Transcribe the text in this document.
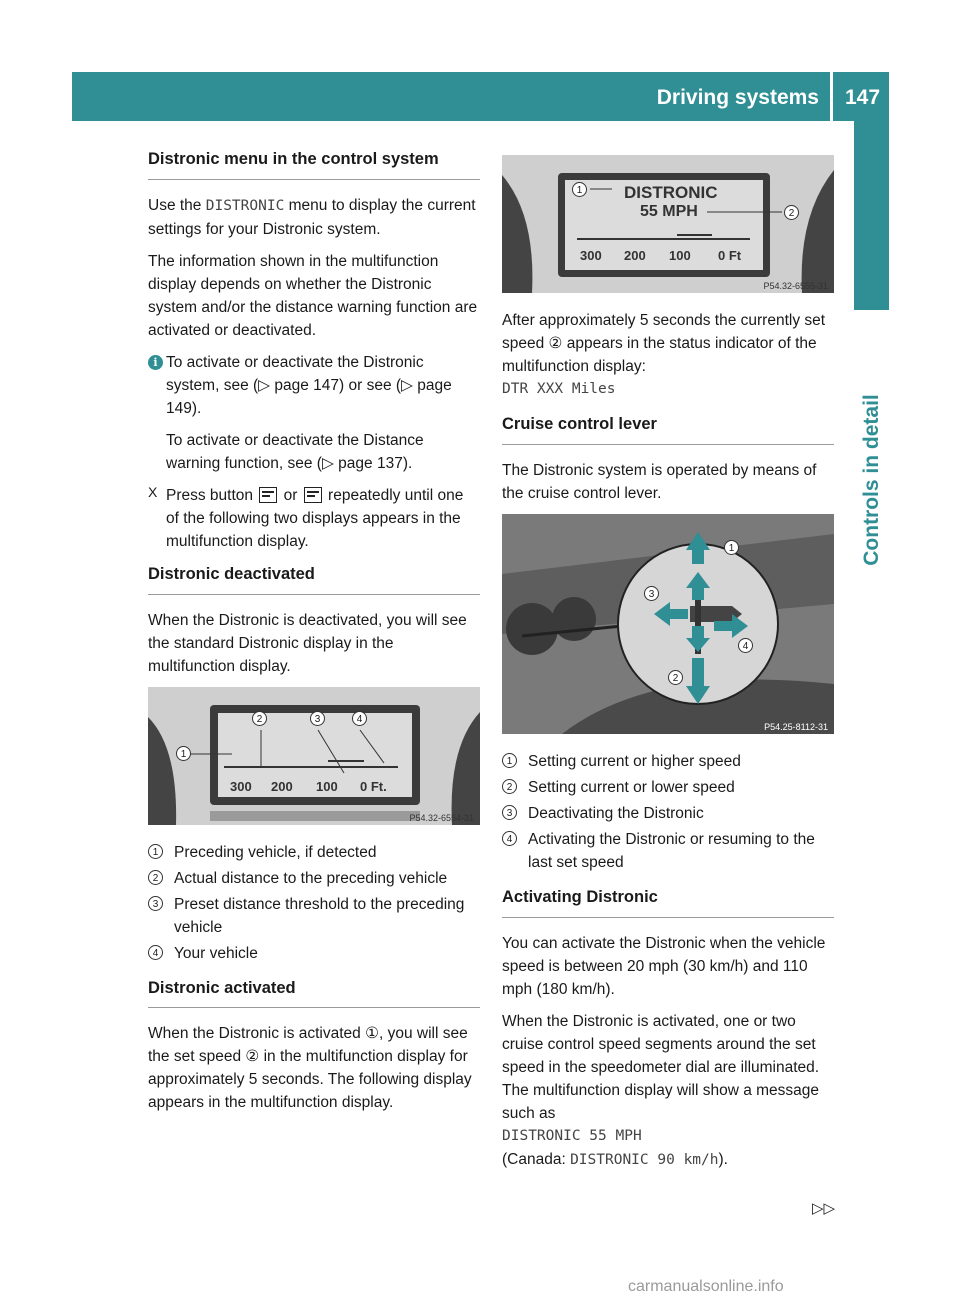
Driving systems 147
Controls in detail
Distronic menu in the control system

Use the DISTRONIC menu to display the current settings for your Distronic system.

The information shown in the multifunction display depends on whether the Distronic system and/or the distance warning function are activated or deactivated.

i To activate or deactivate the Distronic system, see (▷ page 147) or see (▷ page 149).

To activate or deactivate the Distance warning function, see (▷ page 137).

X Press button  or  repeatedly until one of the following two displays appears in the multifunction display.

Distronic deactivated

When the Distronic is deactivated, you will see the standard Distronic display in the multifunction display.

300 200 100 0 Ft.
1
2	3	4
P54.32-6554-31
1	Preceding vehicle, if detected
2	Actual distance to the preceding vehicle
3	Preset distance threshold to the preceding vehicle
4	Your vehicle
Distronic activated

When the Distronic is activated ①, you will see the set speed ② in the multifunction display for approximately 5 seconds. The following display appears in the multifunction display.

DISTRONIC
55 MPH
300 200 100 0 Ft
1
2
P54.32-6555-31

After approximately 5 seconds the currently set speed ② appears in the status indicator of the multifunction display:

DTR XXX Miles

Cruise control lever

The Distronic system is operated by means of the cruise control lever.

1
2
3
4
P54.25-8112-31
1	Setting current or higher speed
2	Setting current or lower speed
3	Deactivating the Distronic
4	Activating the Distronic or resuming to the last set speed
Activating Distronic

You can activate the Distronic when the vehicle speed is between 20 mph (30 km/h) and 110 mph (180 km/h).

When the Distronic is activated, one or two cruise control speed segments around the set speed in the speedometer dial are illuminated. The multifunction display will show a message such as

DISTRONIC 55 MPH

(Canada: DISTRONIC 90 km/h).

▷▷
carmanualsonline.info
